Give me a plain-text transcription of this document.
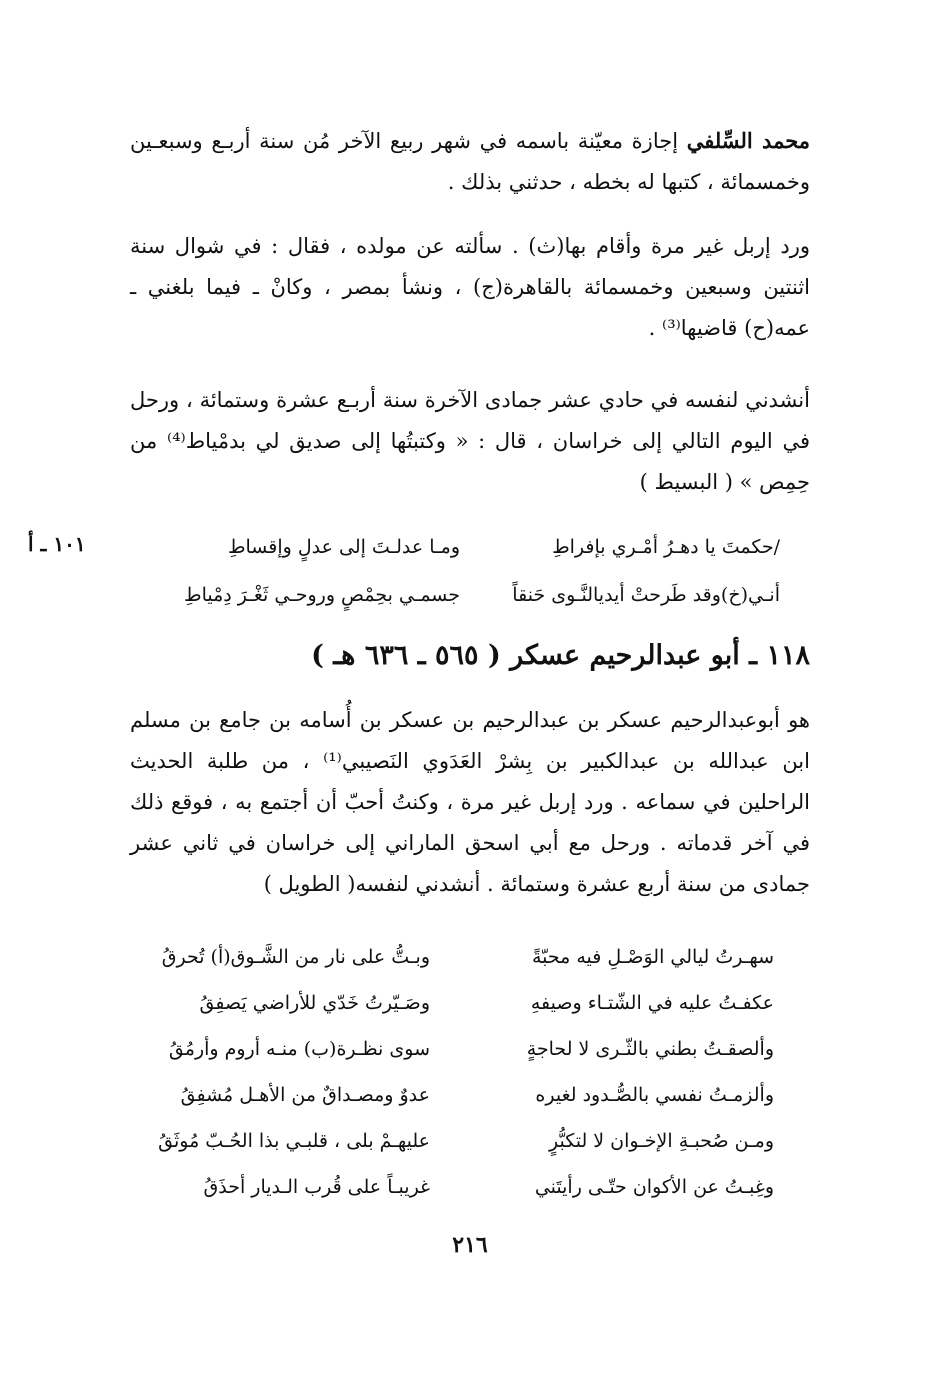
محمد السِّلفي إجازة معيّنة باسمه في شهر ربيع الآخر مُن سنة أربـع وسبعـين وخمسمائة ، كتبها له بخطه ، حدثني بذلك .

ورد إربل غير مرة وأقام بها(ث) . سألته عن مولده ، فقال : في شوال سنة اثنتين وسبعين وخمسمائة بالقاهرة(ج) ، ونشأ بمصر ، وكانْ ـ فيما بلغني ـ عمه(ح) قاضيها⁽³⁾ .

أنشدني لنفسه في حادي عشر جمادى الآخرة سنة أربـع عشرة وستمائة ، ورحل في اليوم التالي إلى خراسان ، قال : « وكتبتُها إلى صديق لي بدمْياط⁽⁴⁾ من حِمِص » ( البسيط )

١٠١ ـ أ	/حكمتَ يا دهـرُ أمْـري بإفراطِ
ومـا عدلـتَ إلى عدلٍ وإقساطِ
أنـي(خ)وقد طَرحتْ أيديالنَّـوى حَنقاً
جسمـي بحِمْصٍ وروحـي ثَغْـرَ دِمْياطِ
١١٨ ـ أبو عبدالرحيم عسكر ( ٥٦٥ ـ ٦٣٦ هـ )

هو أبوعبدالرحيم عسكر بن عبدالرحيم بن عسكر بن أُسامه بن جامع بن مسلم ابن عبدالله بن عبدالكبير بن بِشرْ العَدَوي النَصيبي⁽¹⁾ ، من طلبة الحديث الراحلين في سماعه . ورد إربل غير مرة ، وكنتُ أحبّ أن أجتمع به ، فوقع ذلك في آخر قدماته . ورحل مع أبي اسحق الماراني إلى خراسان في ثاني عشر جمادى من سنة أربع عشرة وستمائة . أنشدني لنفسه( الطويل )

سهـرتُ ليالي الوَصْـلِ فيه محبّةً
وبـتُّ على نار من الشَّـوق(أ) تُحرقُ
عكفـتُ عليه في الشّتـاء وصيفهِ
وصَـيّرتُ خَدّي للأراضي يَصفِقُ
وألصقـتُ بطني بالثّـرى لا لحاجةٍ
سوى نظـرة(ب) منـه أروم وأرمُقُ
وألزمـتُ نفسي بالصُّـدود لغيره
عدوٌ ومصـداقٌ من الأهـل مُشفِقُ
ومـن صُحبـةِ الإخـوان لا لتكبُّرٍ
عليهـمْ بلى ، قلبـي بذا الحُـبّ مُوثَقُ
وغِبـتُ عن الأكوان حتّـى رأيتَني
غريبـاً على قُرب الـديار أحذَقُ
٢١٦
